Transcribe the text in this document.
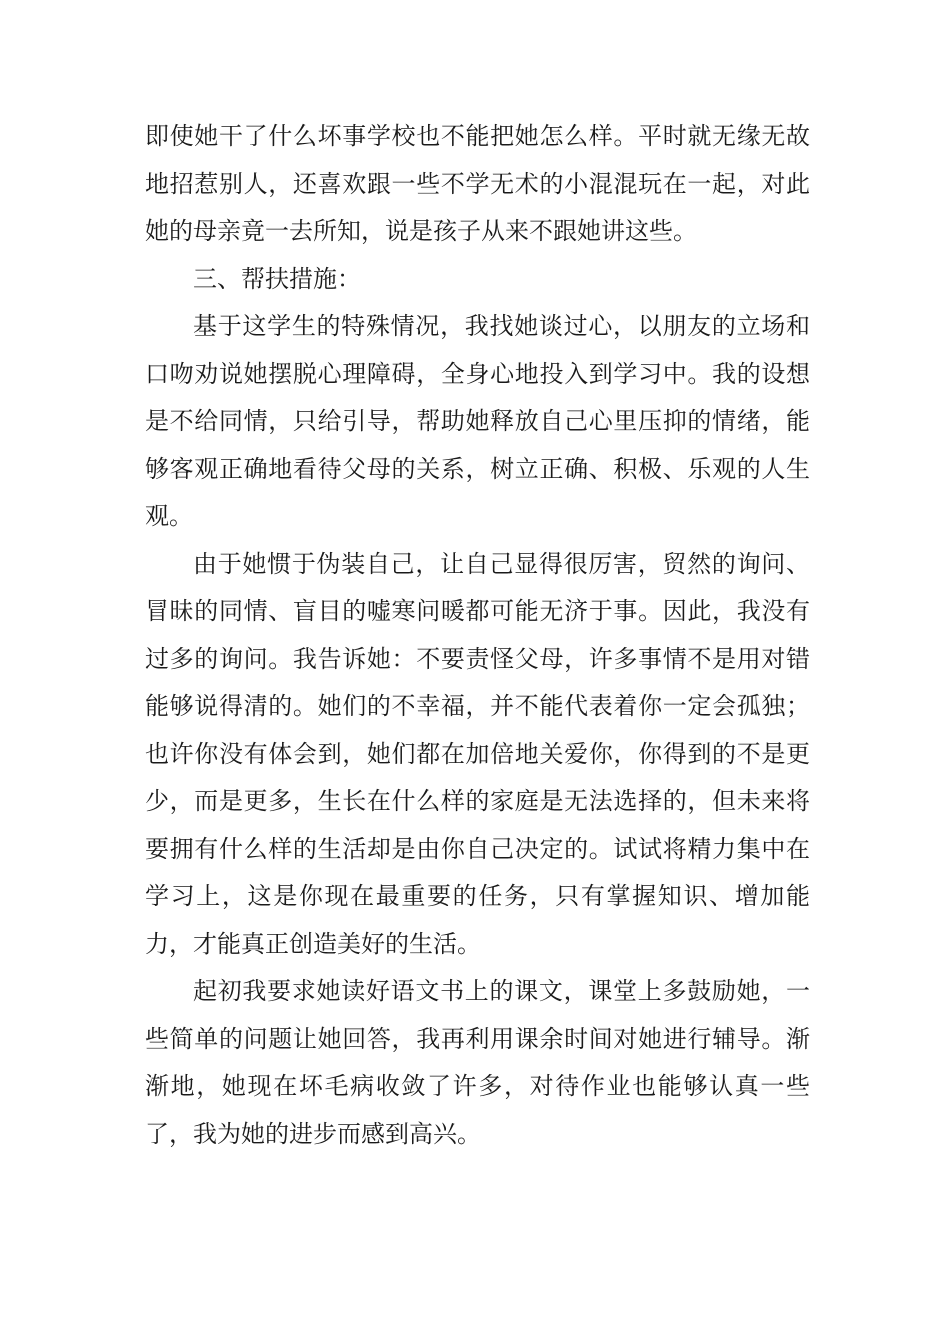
即使她干了什么坏事学校也不能把她怎么样。平时就无缘无故地招惹别人，还喜欢跟一些不学无术的小混混玩在一起，对此她的母亲竟一去所知，说是孩子从来不跟她讲这些。

三、帮扶措施：

基于这学生的特殊情况，我找她谈过心，以朋友的立场和口吻劝说她摆脱心理障碍，全身心地投入到学习中。我的设想是不给同情，只给引导，帮助她释放自己心里压抑的情绪，能够客观正确地看待父母的关系，树立正确、积极、乐观的人生观。

由于她惯于伪装自己，让自己显得很厉害，贸然的询问、冒昧的同情、盲目的嘘寒问暖都可能无济于事。因此，我没有过多的询问。我告诉她：不要责怪父母，许多事情不是用对错能够说得清的。她们的不幸福，并不能代表着你一定会孤独；也许你没有体会到，她们都在加倍地关爱你，你得到的不是更少，而是更多，生长在什么样的家庭是无法选择的，但未来将要拥有什么样的生活却是由你自己决定的。试试将精力集中在学习上，这是你现在最重要的任务，只有掌握知识、增加能力，才能真正创造美好的生活。

起初我要求她读好语文书上的课文，课堂上多鼓励她，一些简单的问题让她回答，我再利用课余时间对她进行辅导。渐渐地，她现在坏毛病收敛了许多，对待作业也能够认真一些了，我为她的进步而感到高兴。
